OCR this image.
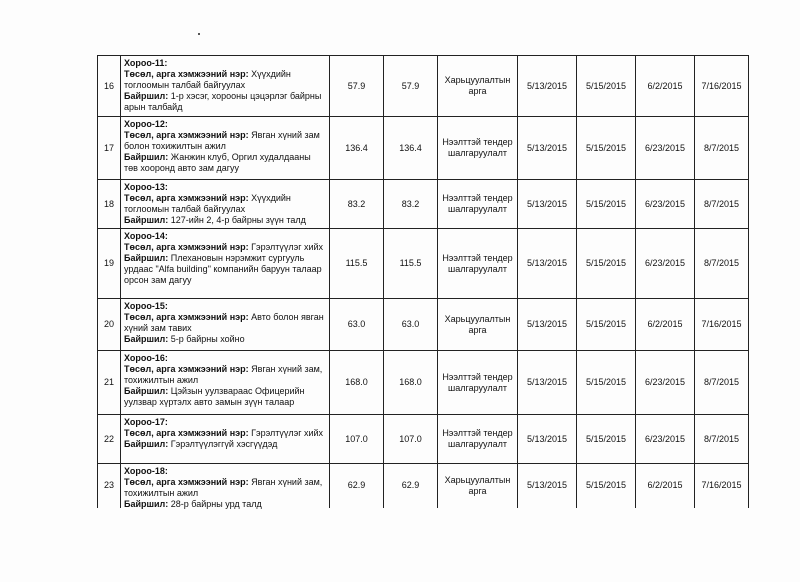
16	Хороо-11:
Төсөл, арга хэмжээний нэр: Хүүхдийн тоглоомын талбай байгуулах
Байршил: 1-р хэсэг, хорооны цэцэрлэг байрны арын талбайд	57.9	57.9	Харьцуулалтын арга	5/13/2015	5/15/2015	6/2/2015	7/16/2015
17	Хороо-12:
Төсөл, арга хэмжээний нэр: Явган хүний зам болон тохижилтын ажил
Байршил: Жанжин клуб, Оргил худалдааны төв хооронд авто зам дагуу	136.4	136.4	Нээлттэй тендер шалгаруулалт	5/13/2015	5/15/2015	6/23/2015	8/7/2015
18	Хороо-13:
Төсөл, арга хэмжээний нэр: Хүүхдийн тоглоомын талбай байгуулах
Байршил: 127-ийн 2, 4-р байрны зүүн талд	83.2	83.2	Нээлттэй тендер шалгаруулалт	5/13/2015	5/15/2015	6/23/2015	8/7/2015
19	Хороо-14:
Төсөл, арга хэмжээний нэр: Гэрэлтүүлэг хийх
Байршил: Плехановын нэрэмжит сургууль урдаас "Alfa building" компанийн баруун талаар орсон зам дагуу	115.5	115.5	Нээлттэй тендер шалгаруулалт	5/13/2015	5/15/2015	6/23/2015	8/7/2015
20	Хороо-15:
Төсөл, арга хэмжээний нэр: Авто болон явган хүний зам тавих
Байршил: 5-р байрны хойно	63.0	63.0	Харьцуулалтын арга	5/13/2015	5/15/2015	6/2/2015	7/16/2015
21	Хороо-16:
Төсөл, арга хэмжээний нэр: Явган хүний зам, тохижилтын ажил
Байршил: Цэйзын уулзвараас Офицерийн уулзвар хүртэлх авто замын зүүн талаар	168.0	168.0	Нээлттэй тендер шалгаруулалт	5/13/2015	5/15/2015	6/23/2015	8/7/2015
22	Хороо-17:
Төсөл, арга хэмжээний нэр: Гэрэлтүүлэг хийх
Байршил: Гэрэлтүүлэггүй хэсгүүдэд	107.0	107.0	Нээлттэй тендер шалгаруулалт	5/13/2015	5/15/2015	6/23/2015	8/7/2015
23	Хороо-18:
Төсөл, арга хэмжээний нэр: Явган хүний зам, тохижилтын ажил
Байршил: 28-р байрны урд талд	62.9	62.9	Харьцуулалтын арга	5/13/2015	5/15/2015	6/2/2015	7/16/2015
